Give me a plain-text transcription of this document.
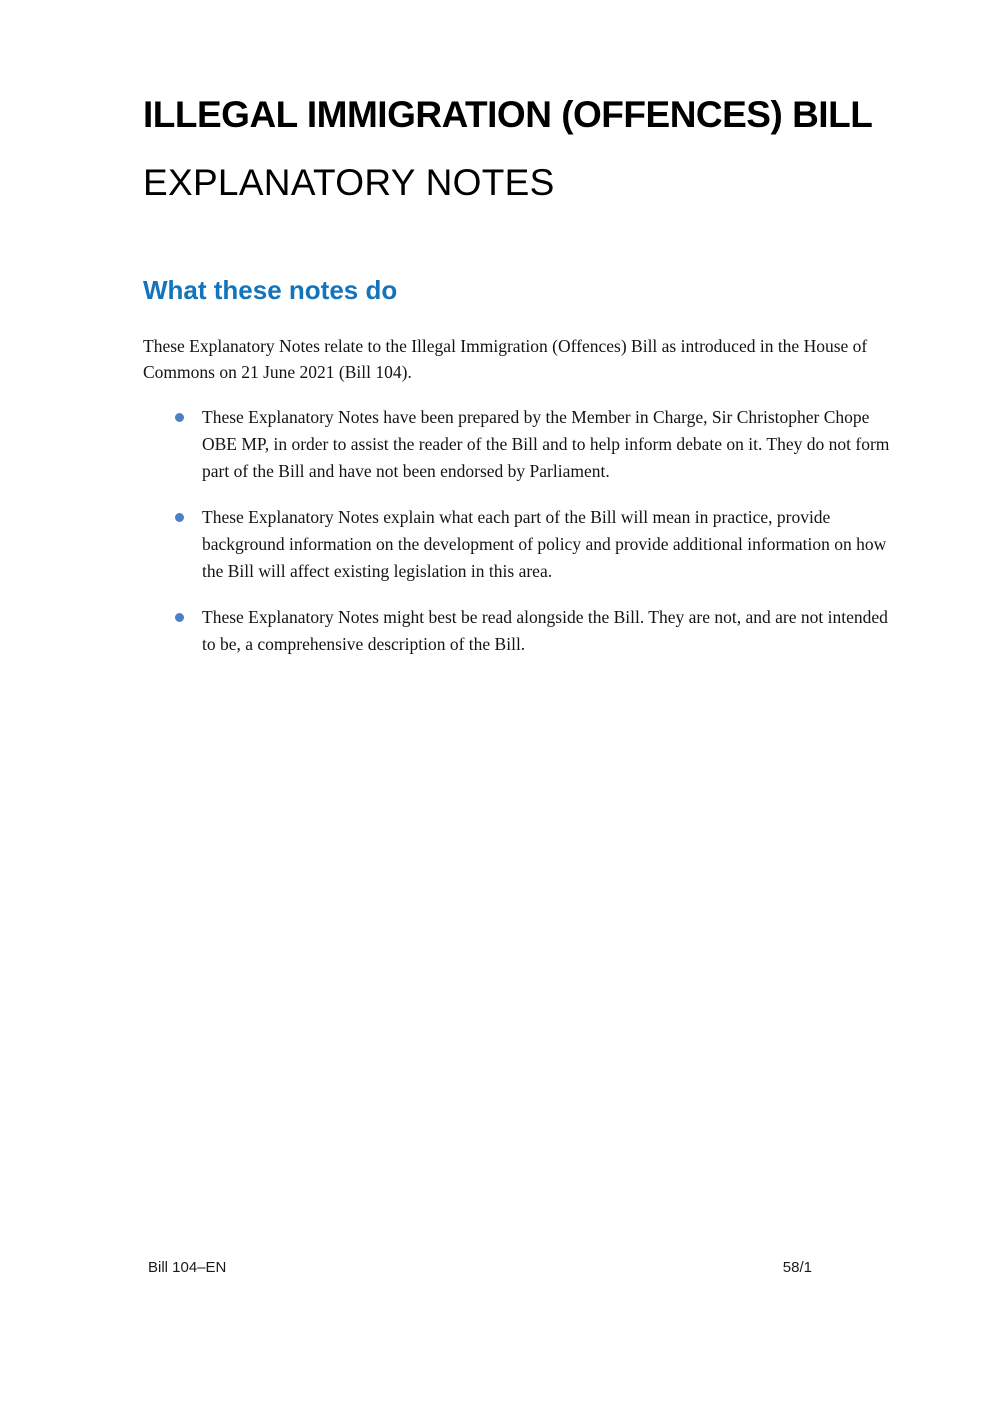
ILLEGAL IMMIGRATION (OFFENCES) BILL
EXPLANATORY NOTES
What these notes do

These Explanatory Notes relate to the Illegal Immigration (Offences) Bill as introduced in the House of Commons on 21 June 2021 (Bill 104).

These Explanatory Notes have been prepared by the Member in Charge, Sir Christopher Chope OBE MP, in order to assist the reader of the Bill and to help inform debate on it. They do not form part of the Bill and have not been endorsed by Parliament.
These Explanatory Notes explain what each part of the Bill will mean in practice, provide background information on the development of policy and provide additional information on how the Bill will affect existing legislation in this area.
These Explanatory Notes might best be read alongside the Bill. They are not, and are not intended to be, a comprehensive description of the Bill.
Bill 104–EN	58/1
